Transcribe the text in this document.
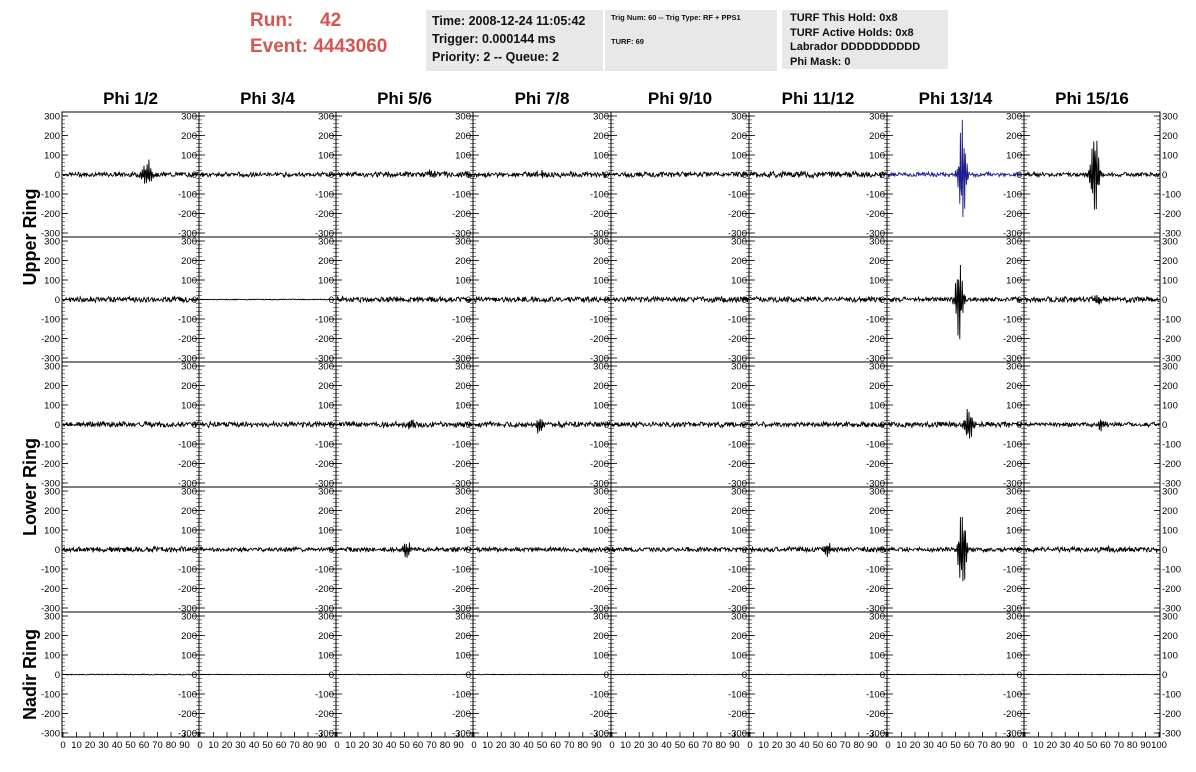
Run: 42
Event: 4443060
Time: 2008-12-24 11:05:42
Trigger: 0.000144 ms
Priority: 2 -- Queue: 2
Trig Num: 60 -- Trig Type: RF + PPS1
TURF: 69
TURF This Hold: 0x8
TURF Active Holds: 0x8
Labrador DDDDDDDDDD
Phi Mask: 0
Phi 1/2	Phi 3/4	Phi 5/6	Phi 7/8	Phi 9/10	Phi 11/12	Phi 13/14	Phi 15/16
Upper Ring
Lower Ring
Nadir Ring
300
200
100
0
-100
-200
-300
300
200
100
0
-100
-200
-300
300
200
100
0
-100
-200
-300
300
200
100
0
-100
-200
-300
300
200
100
0
-100
-200
-300
300
200
100
0
-100
-200
-300
300
200
100
0
-100
-200
-300
300	300
200	200
100	100
0	0
-100	-100
-200	-200
-300	-300
300
200
100
0
-100
-200
-300
300
200
100
0
-100
-200
-300
300
200
100
0
-100
-200
-300
300
200
100
0
-100
-200
-300
300
200
100
0
-100
-200
-300
300
200
100
0
-100
-200
-300
300
200
100
0
-100
-200
-300
300	300
200	200
100	100
0	0
-100	-100
-200	-200
-300	-300
300
200
100
0
-100
-200
-300
300
200
100
0
-100
-200
-300
300
200
100
0
-100
-200
-300
300
200
100
0
-100
-200
-300
300
200
100
0
-100
-200
-300
300
200
100
0
-100
-200
-300
300
200
100
0
-100
-200
-300
300	300
200	200
100	100
0	0
-100	-100
-200	-200
-300	-300
300
200
100
0
-100
-200
-300
300
200
100
0
-100
-200
-300
300
200
100
0
-100
-200
-300
300
200
100
0
-100
-200
-300
300
200
100
0
-100
-200
-300
300
200
100
0
-100
-200
-300
300
200
100
0
-100
-200
-300
300	300
200	200
100	100
0	0
-100	-100
-200	-200
-300	-300
300
200
100
0
-100
-200
-300
0 10 20 30 40 50 60 70 80 90
300
200
100
0
-100
-200
-300
0 10 20 30 40 50 60 70 80 90
300
200
100
0
-100
-200
-300
0 10 20 30 40 50 60 70 80 90
300
200
100
0
-100
-200
-300
0 10 20 30 40 50 60 70 80 90
300
200
100
0
-100
-200
-300
0 10 20 30 40 50 60 70 80 90
300
200
100
0
-100
-200
-300
0 10 20 30 40 50 60 70 80 90
300
200
100
0
-100
-200
-300
0 10 20 30 40 50 60 70 80 90
300	300
200	200
100	100
0	0
-100	-100
-200	-200
-300	-300
0 10 20 30 40 50 60 70 80 90 100
